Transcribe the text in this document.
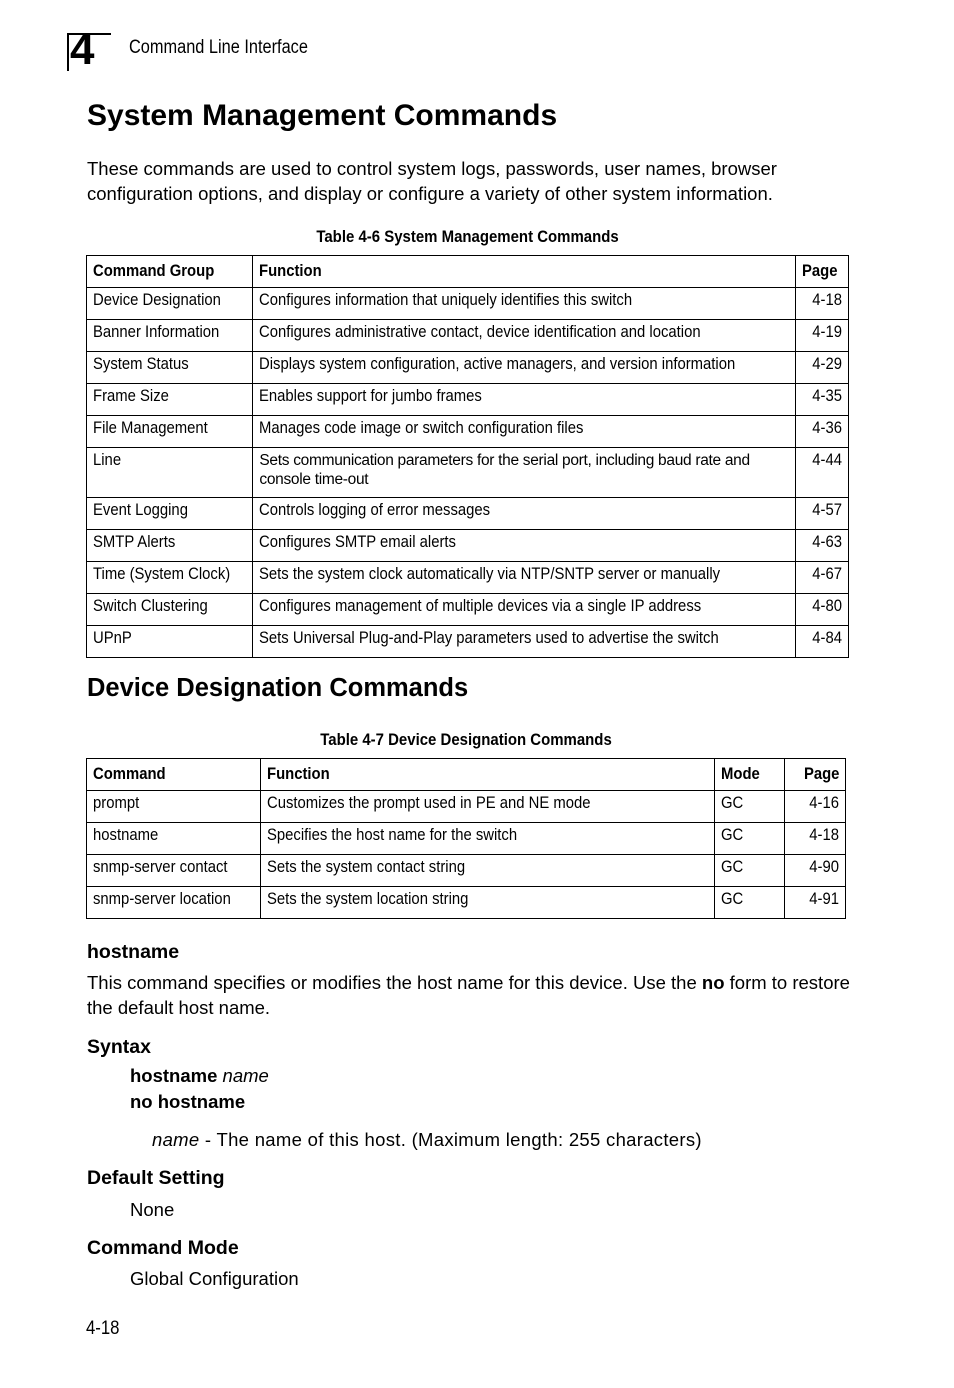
4 Command Line Interface
System Management Commands
These commands are used to control system logs, passwords, user names, browser configuration options, and display or configure a variety of other system information.
Table 4-6 System Management Commands
Command Group	Function	Page
Device Designation	Configures information that uniquely identifies this switch	4-18
Banner Information	Configures administrative contact, device identification and location	4-19
System Status	Displays system configuration, active managers, and version information	4-29
Frame Size	Enables support for jumbo frames	4-35
File Management	Manages code image or switch configuration files	4-36
Line	Sets communication parameters for the serial port, including baud rate and console time-out	4-44
Event Logging	Controls logging of error messages	4-57
SMTP Alerts	Configures SMTP email alerts	4-63
Time (System Clock)	Sets the system clock automatically via NTP/SNTP server or manually	4-67
Switch Clustering	Configures management of multiple devices via a single IP address	4-80
UPnP	Sets Universal Plug-and-Play parameters used to advertise the switch	4-84
Device Designation Commands
Table 4-7 Device Designation Commands
Command	Function	Mode	Page
prompt	Customizes the prompt used in PE and NE mode	GC	4-16
hostname	Specifies the host name for the switch	GC	4-18
snmp-server contact	Sets the system contact string	GC	4-90
snmp-server location	Sets the system location string	GC	4-91
hostname
This command specifies or modifies the host name for this device. Use the no form to restore the default host name.
Syntax
hostname name
no hostname
name - The name of this host. (Maximum length: 255 characters)
Default Setting
None
Command Mode
Global Configuration
4-18
